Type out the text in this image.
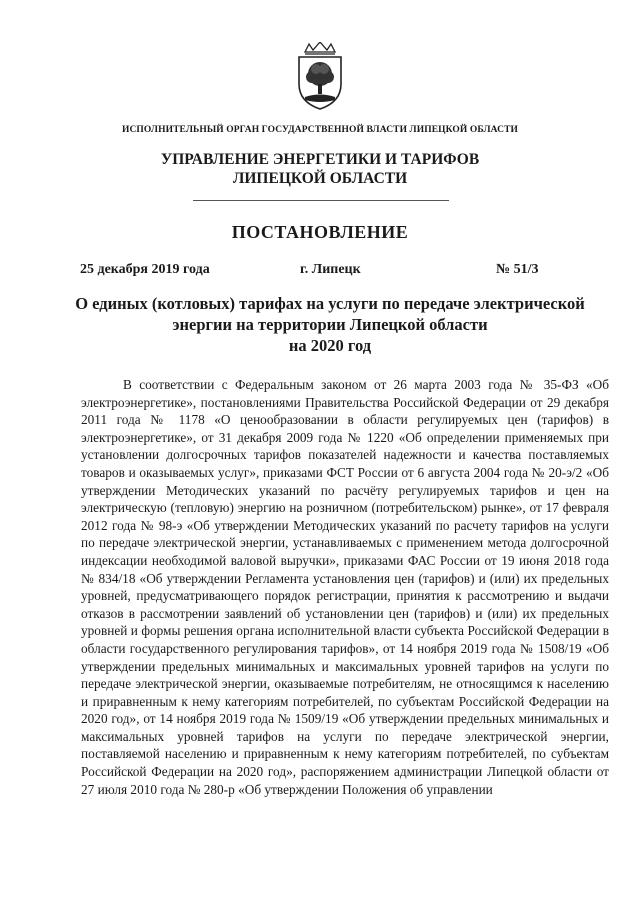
ИСПОЛНИТЕЛЬНЫЙ ОРГАН ГОСУДАРСТВЕННОЙ ВЛАСТИ ЛИПЕЦКОЙ ОБЛАСТИ
УПРАВЛЕНИЕ ЭНЕРГЕТИКИ И ТАРИФОВ
ЛИПЕЦКОЙ ОБЛАСТИ
ПОСТАНОВЛЕНИЕ
25 декабря 2019 года	г. Липецк	№ 51/3
О единых (котловых) тарифах на услуги по передаче электрической
энергии на территории Липецкой области
на 2020 год

В соответствии с Федеральным законом от 26 марта 2003 года № 35-ФЗ «Об электроэнергетике», постановлениями Правительства Российской Федерации от 29 декабря 2011 года № 1178 «О ценообразовании в области регулируемых цен (тарифов) в электроэнергетике», от 31 декабря 2009 года № 1220 «Об определении применяемых при установлении долгосрочных тарифов показателей надежности и качества поставляемых товаров и оказываемых услуг», приказами ФСТ России от 6 августа 2004 года № 20-э/2 «Об утверждении Методических указаний по расчёту регулируемых тарифов и цен на электрическую (тепловую) энергию на розничном (потребительском) рынке», от 17 февраля 2012 года № 98-э «Об утверждении Методических указаний по расчету тарифов на услуги по передаче электрической энергии, устанавливаемых с применением метода долгосрочной индексации необходимой валовой выручки», приказами ФАС России от 19 июня 2018 года № 834/18 «Об утверждении Регламента установления цен (тарифов) и (или) их предельных уровней, предусматривающего порядок регистрации, принятия к рассмотрению и выдачи отказов в рассмотрении заявлений об установлении цен (тарифов) и (или) их предельных уровней и формы решения органа исполнительной власти субъекта Российской Федерации в области государственного регулирования тарифов», от 14 ноября 2019 года № 1508/19 «Об утверждении предельных минимальных и максимальных уровней тарифов на услуги по передаче электрической энергии, оказываемые потребителям, не относящимся к населению и приравненным к нему категориям потребителей, по субъектам Российской Федерации на 2020 год», от 14 ноября 2019 года № 1509/19 «Об утверждении предельных минимальных и максимальных уровней тарифов на услуги по передаче электрической энергии, поставляемой населению и приравненным к нему категориям потребителей, по субъектам Российской Федерации на 2020 год», распоряжением администрации Липецкой области от 27 июля 2010 года № 280-р «Об утверждении Положения об управлении
